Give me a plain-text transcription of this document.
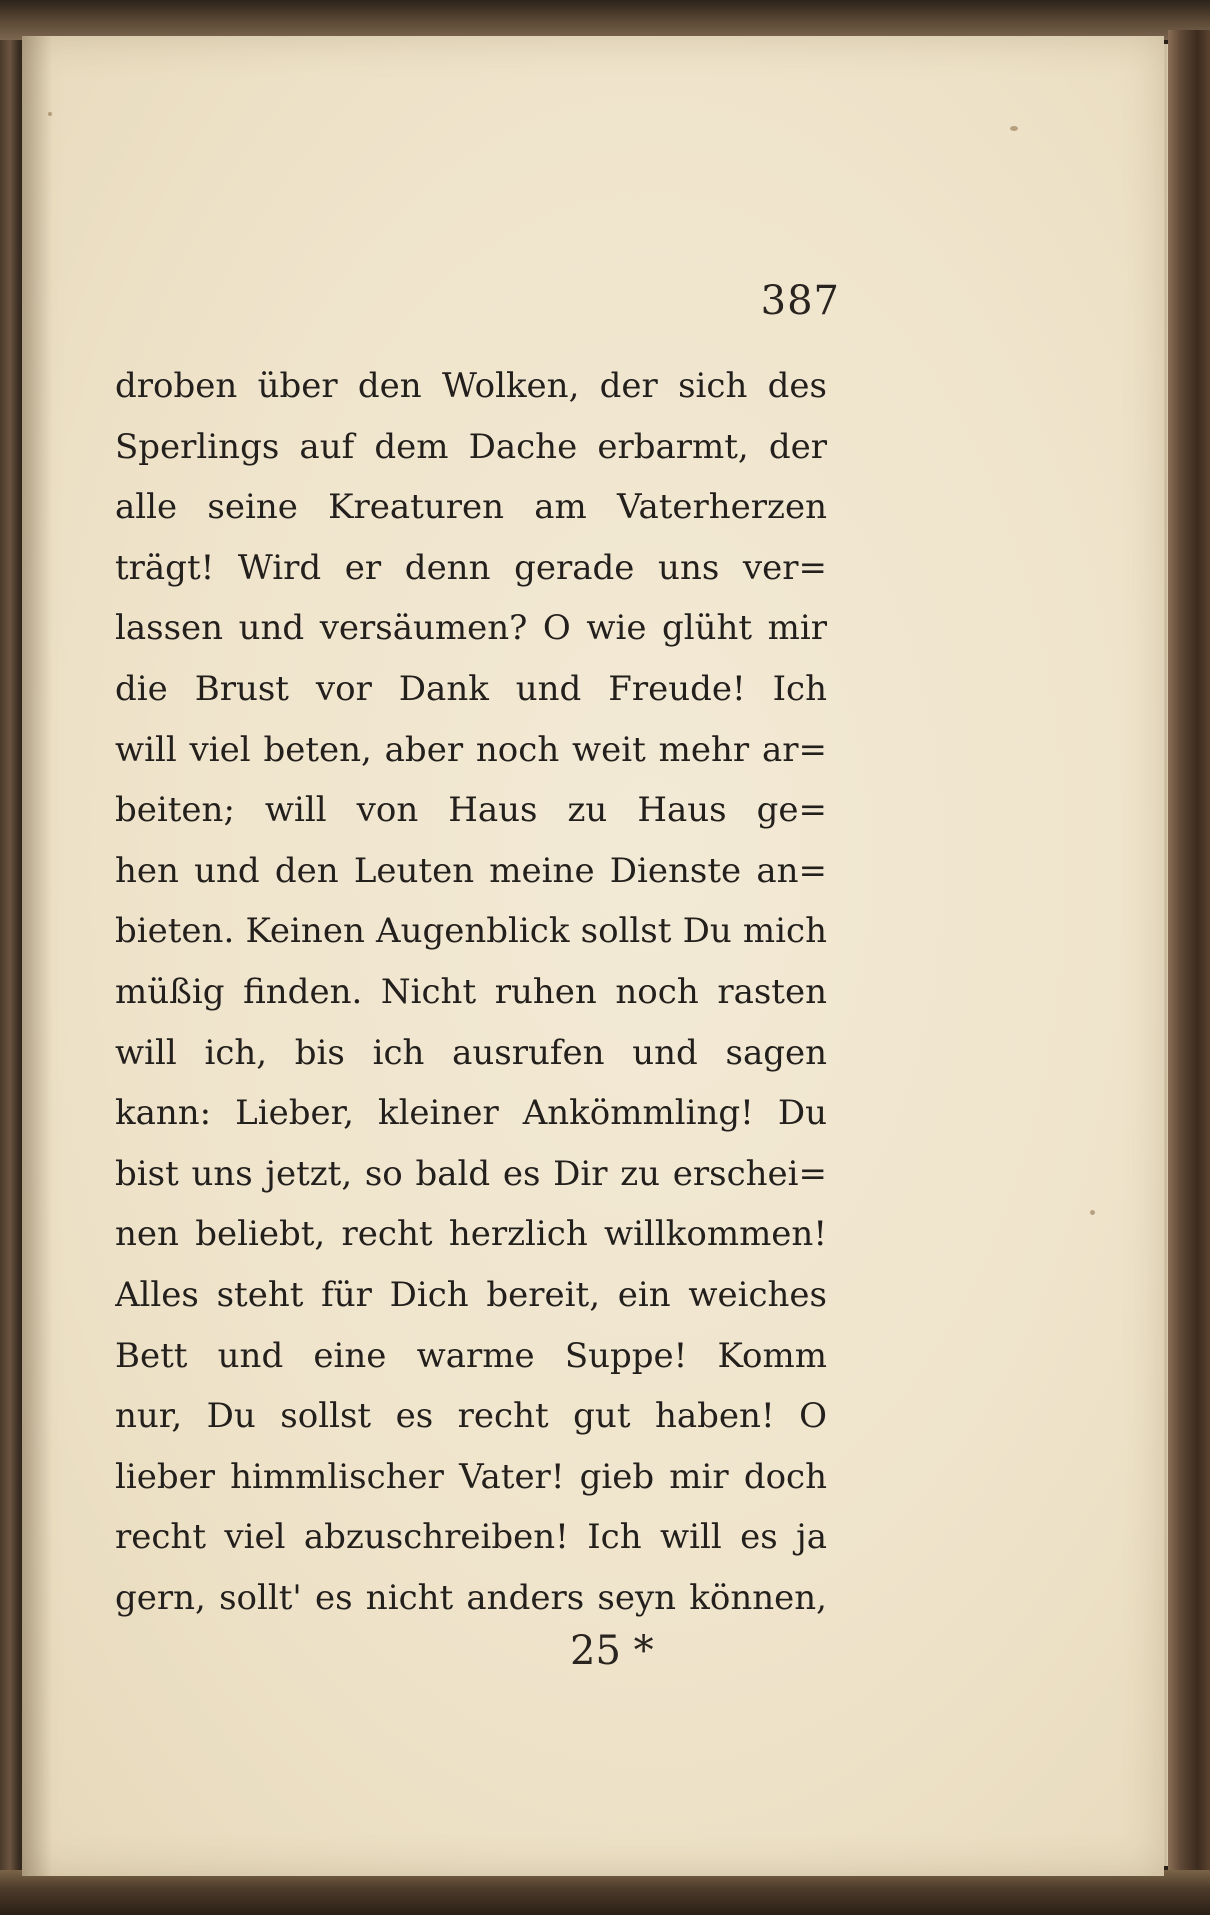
387
droben über den Wolken, der sich des
Sperlings auf dem Dache erbarmt, der
alle seine Kreaturen am Vaterherzen
trägt! Wird er denn gerade uns ver=
lassen und versäumen? O wie glüht mir
die Brust vor Dank und Freude! Ich
will viel beten, aber noch weit mehr ar=
beiten; will von Haus zu Haus ge=
hen und den Leuten meine Dienste an=
bieten. Keinen Augenblick sollst Du mich
müßig finden. Nicht ruhen noch rasten
will ich, bis ich ausrufen und sagen
kann: Lieber, kleiner Ankömmling! Du
bist uns jetzt, so bald es Dir zu erschei=
nen beliebt, recht herzlich willkommen!
Alles steht für Dich bereit, ein weiches
Bett und eine warme Suppe! Komm
nur, Du sollst es recht gut haben! O
lieber himmlischer Vater! gieb mir doch
recht viel abzuschreiben! Ich will es ja
gern, sollt' es nicht anders seyn können,
25 *
